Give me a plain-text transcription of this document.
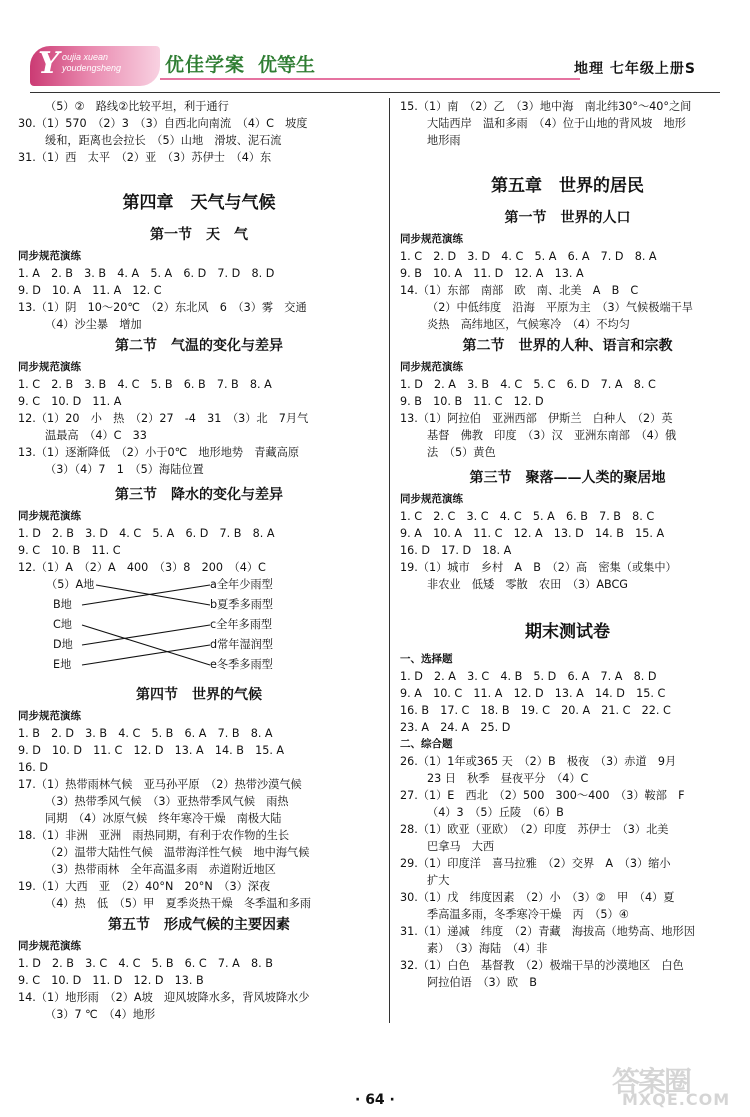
Y oujia xuean
youdengsheng 优佳学案 优等生	地理 七年级上册S
（5）②　路线②比较平坦，利于通行
30.（1）570　（2）3　（3）自西北向南流　（4）C　坡度
缓和，距离也会拉长　（5）山地　滑坡、泥石流
31.（1）西　太平　（2）亚　（3）苏伊士　（4）东
第四章　天气与气候
第一节　天　气
同步规范演练
1. A　2. B　3. B　4. A　5. A　6. D　7. D　8. D
9. D　10. A　11. A　12. C
13.（1）阴　10～20℃　（2）东北风　6　（3）雾　交通
（4）沙尘暴　增加
第二节　气温的变化与差异
同步规范演练
1. C　2. B　3. B　4. C　5. B　6. B　7. B　8. A
9. C　10. D　11. A
12.（1）20　小　热　（2）27　-4　31　（3）北　7月气
温最高　（4）C　33
13.（1）逐渐降低　（2）小于0℃　地形地势　青藏高原
（3）（4）7　1　（5）海陆位置
第三节　降水的变化与差异
同步规范演练
1. D　2. B　3. D　4. C　5. A　6. D　7. B　8. A
9. C　10. B　11. C
12.（1）A　（2）A　400　（3）8　200　（4）C
（5）A地
B地
C地
D地
E地
a全年少雨型
b夏季多雨型
c全年多雨型
d常年湿润型
e冬季多雨型
第四节　世界的气候
同步规范演练
1. B　2. D　3. B　4. C　5. B　6. A　7. B　8. A
9. D　10. D　11. C　12. D　13. A　14. B　15. A
16. D
17.（1）热带雨林气候　亚马孙平原　（2）热带沙漠气候
（3）热带季风气候　（3）亚热带季风气候　雨热
同期　（4）冰原气候　终年寒冷干燥　南极大陆
18.（1）非洲　亚洲　雨热同期，有利于农作物的生长
（2）温带大陆性气候　温带海洋性气候　地中海气候
（3）热带雨林　全年高温多雨　赤道附近地区
19.（1）大西　亚　（2）40°N　20°N　（3）深夜
（4）热　低　（5）甲　夏季炎热干燥　冬季温和多雨
第五节　形成气候的主要因素
同步规范演练
1. D　2. B　3. C　4. C　5. B　6. C　7. A　8. B
9. C　10. D　11. D　12. D　13. B
14.（1）地形雨　（2）A坡　迎风坡降水多，背风坡降水少
（3）7 ℃　（4）地形
15.（1）南　（2）乙　（3）地中海　南北纬30°～40°之间
大陆西岸　温和多雨　（4）位于山地的背风坡　地形
地形雨
第五章　世界的居民
第一节　世界的人口
同步规范演练
1. C　2. D　3. D　4. C　5. A　6. A　7. D　8. A
9. B　10. A　11. D　12. A　13. A
14.（1）东部　南部　欧　南、北美　A　B　C
（2）中低纬度　沿海　平原为主　（3）气候极端干旱
炎热　高纬地区，气候寒冷　（4）不均匀
第二节　世界的人种、语言和宗教
同步规范演练
1. D　2. A　3. B　4. C　5. C　6. D　7. A　8. C
9. B　10. B　11. C　12. D
13.（1）阿拉伯　亚洲西部　伊斯兰　白种人　（2）英
基督　佛教　印度　（3）汉　亚洲东南部　（4）俄
法　（5）黄色
第三节　聚落——人类的聚居地
同步规范演练
1. C　2. C　3. C　4. C　5. A　6. B　7. B　8. C
9. A　10. A　11. C　12. A　13. D　14. B　15. A
16. D　17. D　18. A
19.（1）城市　乡村　A　B　（2）高　密集（或集中）
非农业　低矮　零散　农田　（3）ABCG
期末测试卷
一、选择题
1. D　2. A　3. C　4. B　5. D　6. A　7. A　8. D
9. A　10. C　11. A　12. D　13. A　14. D　15. C
16. B　17. C　18. B　19. C　20. A　21. C　22. C
23. A　24. A　25. D
二、综合题
26.（1）1年或365 天　（2）B　极夜　（3）赤道　9月
23 日　秋季　昼夜平分　（4）C
27.（1）E　西北　（2）500　300～400　（3）鞍部　F
（4）3　（5）丘陵　（6）B
28.（1）欧亚（亚欧）　（2）印度　苏伊士　（3）北美
巴拿马　大西
29.（1）印度洋　喜马拉雅　（2）交界　A　（3）缩小
扩大
30.（1）戊　纬度因素　（2）小　（3）②　甲　（4）夏
季高温多雨，冬季寒冷干燥　丙　（5）④
31.（1）递减　纬度　（2）青藏　海拔高（地势高、地形因
素）　（3）海陆　（4）非
32.（1）白色　基督教　（2）极端干旱的沙漠地区　白色
阿拉伯语　（3）欧　B
· 64 ·
答案圈
MXQE.COM
